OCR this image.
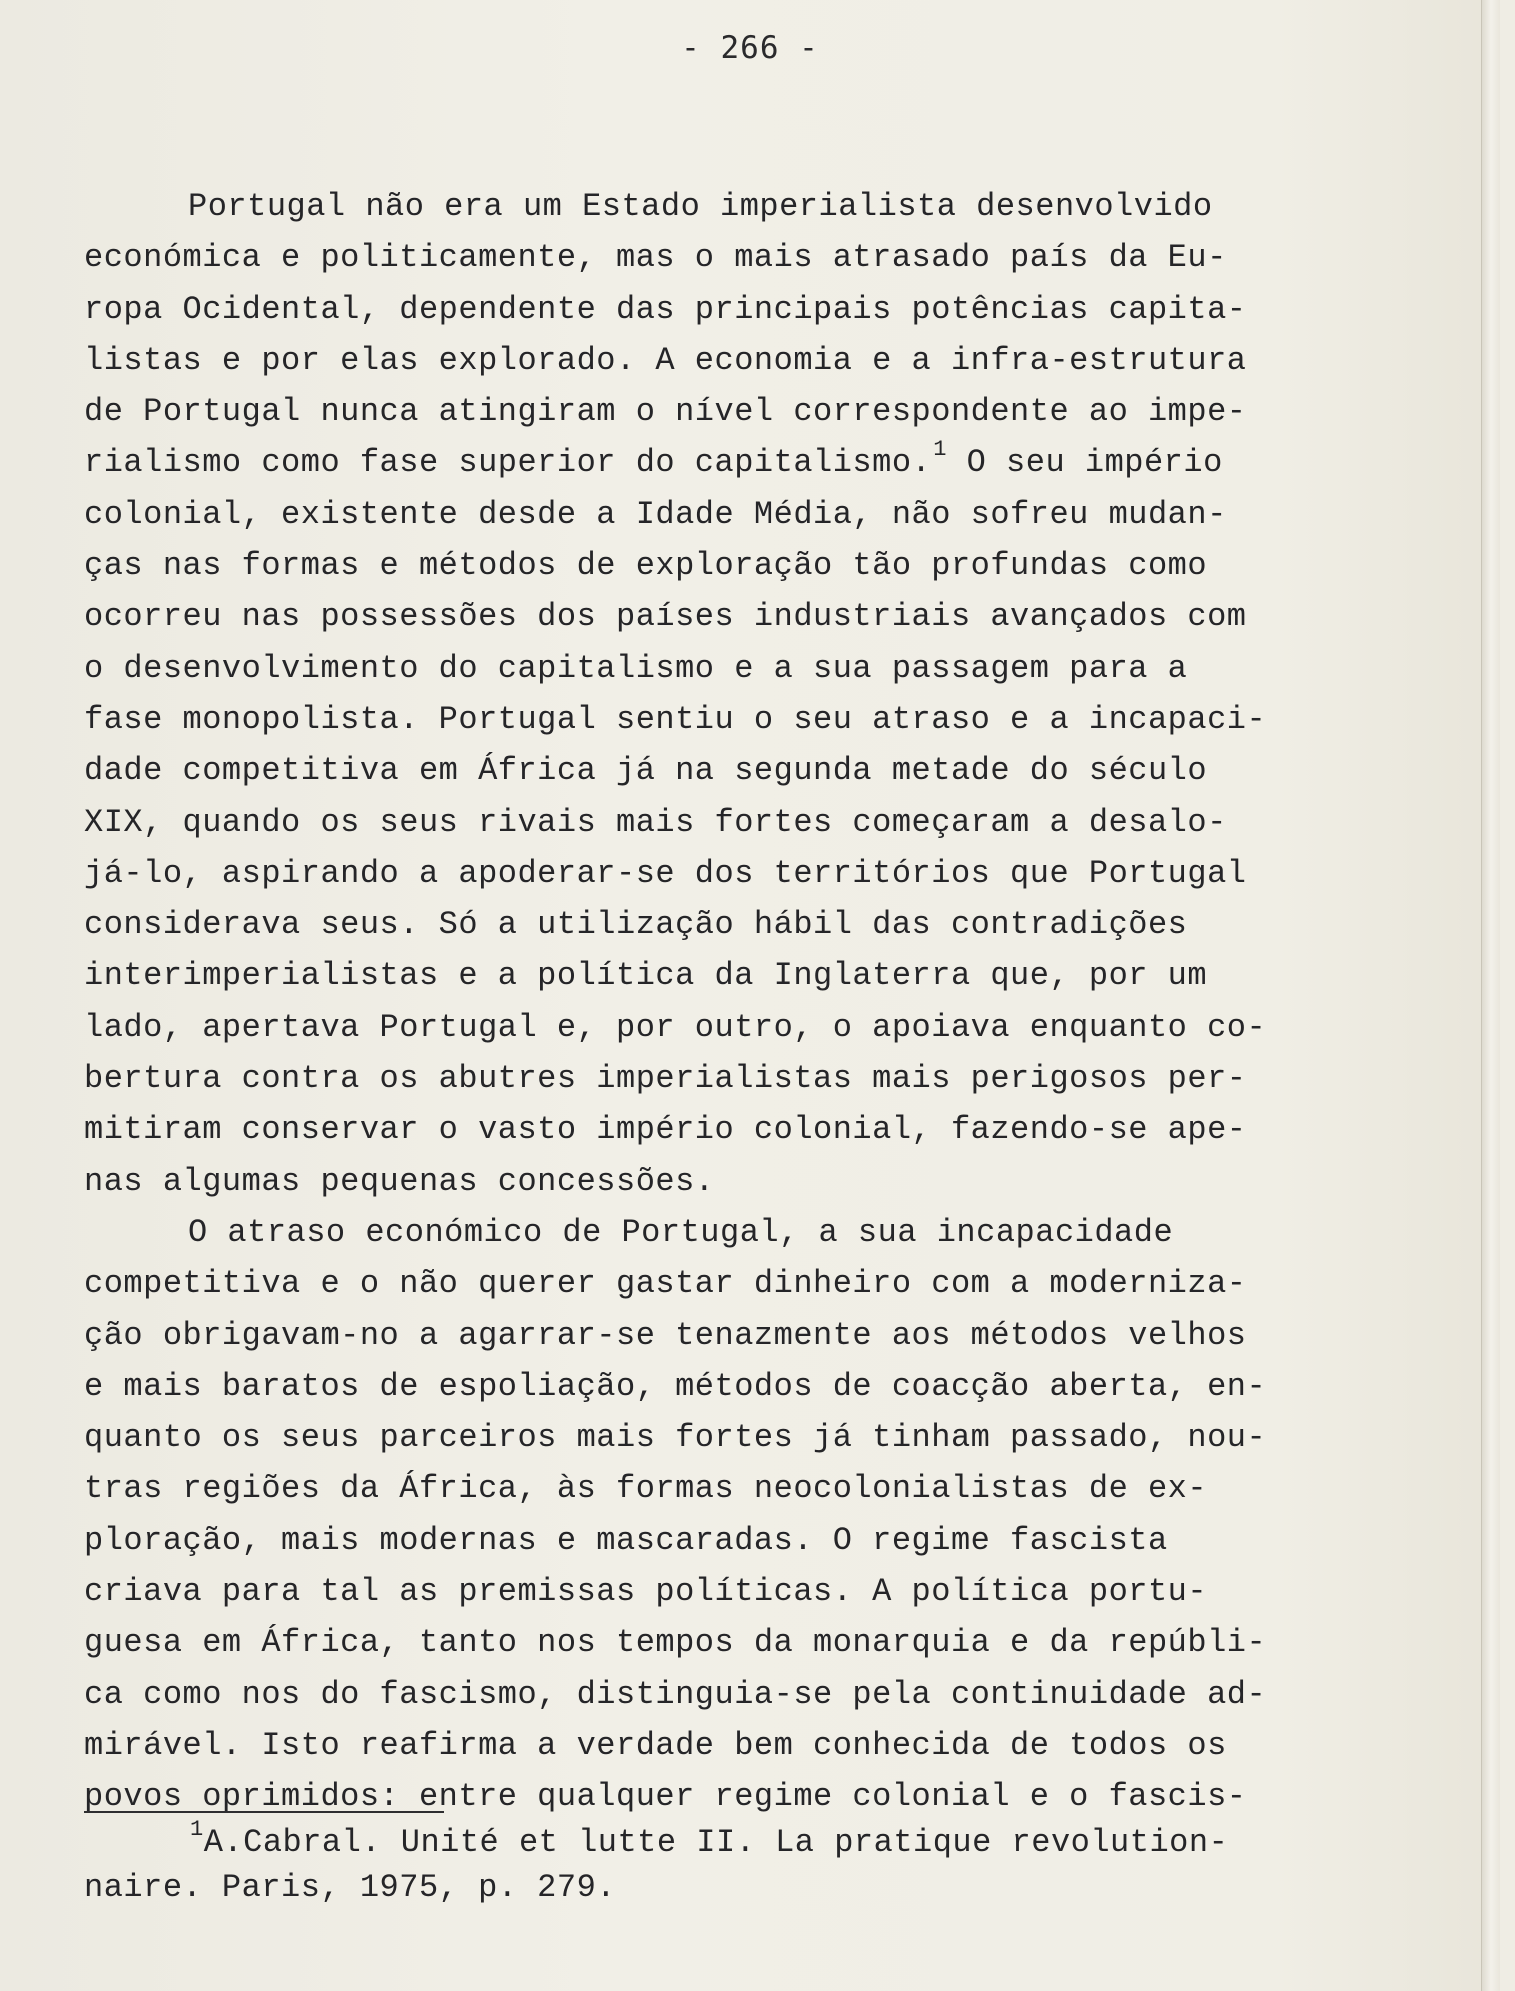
- 266 -
Portugal não era um Estado imperialista desenvolvido
económica e politicamente, mas o mais atrasado país da Eu-
ropa Ocidental, dependente das principais potências capita-
listas e por elas explorado. A economia e a infra-estrutura
de Portugal nunca atingiram o nível correspondente ao impe-
rialismo como fase superior do capitalismo.$^1$ O seu império
colonial, existente desde a Idade Média, não sofreu mudan-
ças nas formas e métodos de exploração tão profundas como
ocorreu nas possessões dos países industriais avançados com
o desenvolvimento do capitalismo e a sua passagem para a
fase monopolista. Portugal sentiu o seu atraso e a incapaci-
dade competitiva em África já na segunda metade do século
XIX, quando os seus rivais mais fortes começaram a desalo-
já-lo, aspirando a apoderar-se dos territórios que Portugal
considerava seus. Só a utilização hábil das contradições
interimperialistas e a política da Inglaterra que, por um
lado, apertava Portugal e, por outro, o apoiava enquanto co-
bertura contra os abutres imperialistas mais perigosos per-
mitiram conservar o vasto império colonial, fazendo-se ape-
nas algumas pequenas concessões.
O atraso económico de Portugal, a sua incapacidade
competitiva e o não querer gastar dinheiro com a moderniza-
ção obrigavam-no a agarrar-se tenazmente aos métodos velhos
e mais baratos de espoliação, métodos de coacção aberta, en-
quanto os seus parceiros mais fortes já tinham passado, nou-
tras regiões da África, às formas neocolonialistas de ex-
ploração, mais modernas e mascaradas. O regime fascista
criava para tal as premissas políticas. A política portu-
guesa em África, tanto nos tempos da monarquia e da repúbli-
ca como nos do fascismo, distinguia-se pela continuidade ad-
mirável. Isto reafirma a verdade bem conhecida de todos os
povos oprimidos: entre qualquer regime colonial e o fascis-
$^1$A.Cabral. Unité et lutte II. La pratique revolution-
naire. Paris, 1975, p. 279.
